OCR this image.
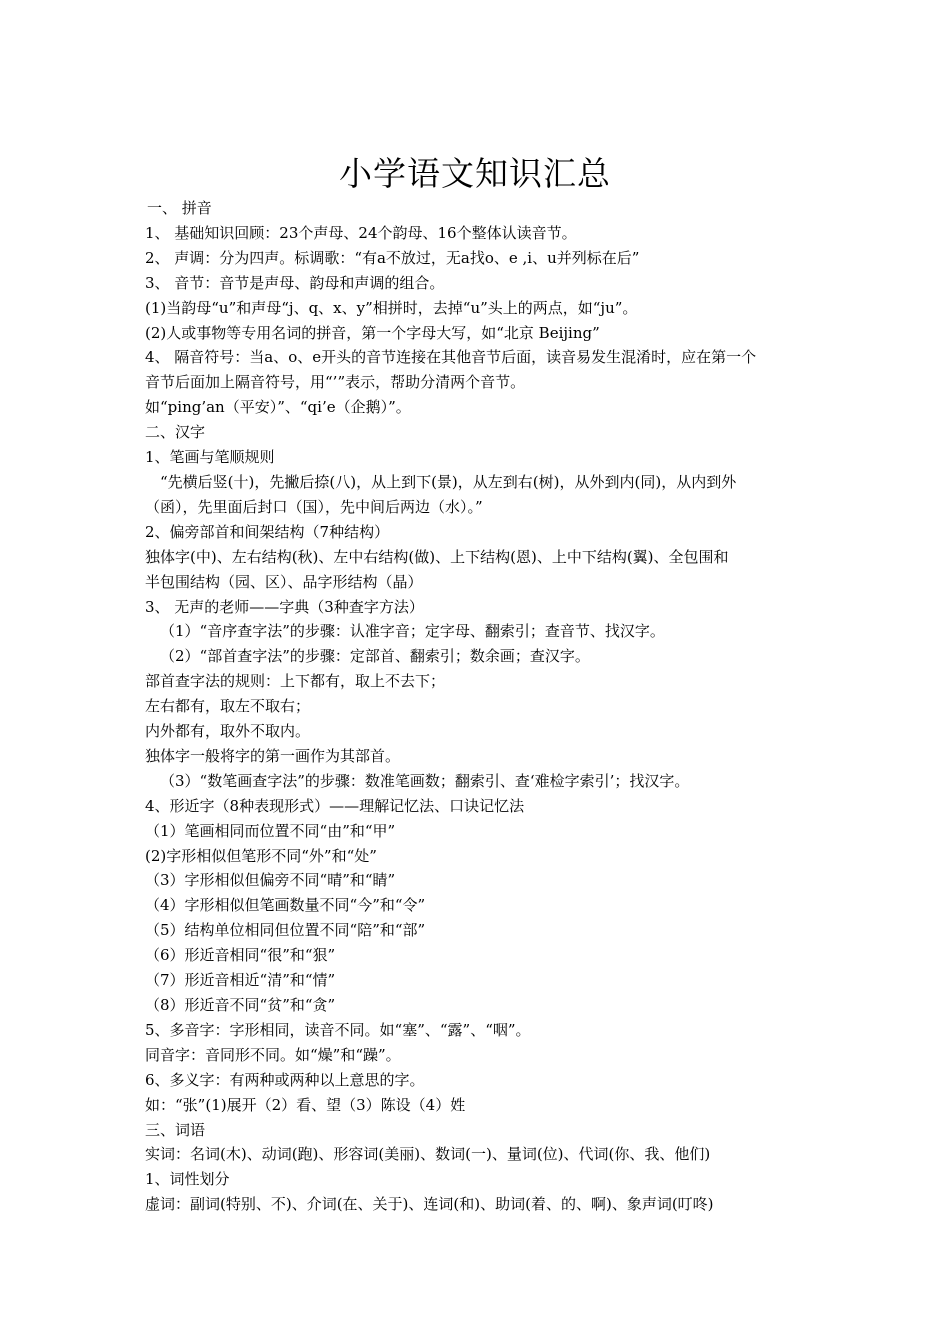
小学语文知识汇总
一、 拼音
1、 基础知识回顾：23个声母、24个韵母、16个整体认读音节。
2、 声调：分为四声。标调歌：“有a不放过，无a找o、e ,i、u并列标在后”
3、 音节：音节是声母、韵母和声调的组合。
(1)当韵母“u”和声母“j、q、x、y”相拼时，去掉“u”头上的两点，如“ju”。
(2)人或事物等专用名词的拼音，第一个字母大写，如“北京 Beijing”
4、 隔音符号：当a、o、e开头的音节连接在其他音节后面，读音易发生混淆时，应在第一个
音节后面加上隔音符号，用“’”表示，帮助分清两个音节。
如“ping’an（平安）”、“qi’e（企鹅）”。
二、汉字
1、笔画与笔顺规则
“先横后竖(十)，先撇后捺(八)，从上到下(景)，从左到右(树)，从外到内(同)，从内到外
（函），先里面后封口（国），先中间后两边（水）。”
2、偏旁部首和间架结构（7种结构）
独体字(中)、左右结构(秋)、左中右结构(做)、上下结构(恩)、上中下结构(翼)、全包围和
半包围结构（园、区）、品字形结构（晶）
3、 无声的老师——字典（3种查字方法）
（1）“音序查字法”的步骤：认准字音；定字母、翻索引；查音节、找汉字。
（2）“部首查字法”的步骤：定部首、翻索引；数余画；查汉字。
部首查字法的规则：上下都有，取上不去下；
左右都有，取左不取右；
内外都有，取外不取内。
独体字一般将字的第一画作为其部首。
（3）“数笔画查字法”的步骤：数准笔画数；翻索引、查‘难检字索引’；找汉字。
4、形近字（8种表现形式）——理解记忆法、口诀记忆法
（1）笔画相同而位置不同“由”和“甲”
(2)字形相似但笔形不同“外”和“处”
（3）字形相似但偏旁不同“晴”和“睛”
（4）字形相似但笔画数量不同“今”和“令”
（5）结构单位相同但位置不同“陪”和“部”
（6）形近音相同“很”和“狠”
（7）形近音相近“清”和“情”
（8）形近音不同“贫”和“贪”
5、多音字：字形相同，读音不同。如“塞”、“露”、“咽”。
同音字：音同形不同。如“燥”和“躁”。
6、多义字：有两种或两种以上意思的字。
如：“张”(1)展开（2）看、望（3）陈设（4）姓
三、词语
实词：名词(木)、动词(跑)、形容词(美丽)、数词(一)、量词(位)、代词(你、我、他们)
1、词性划分
虚词：副词(特别、不)、介词(在、关于)、连词(和)、助词(着、的、啊)、象声词(叮咚)
